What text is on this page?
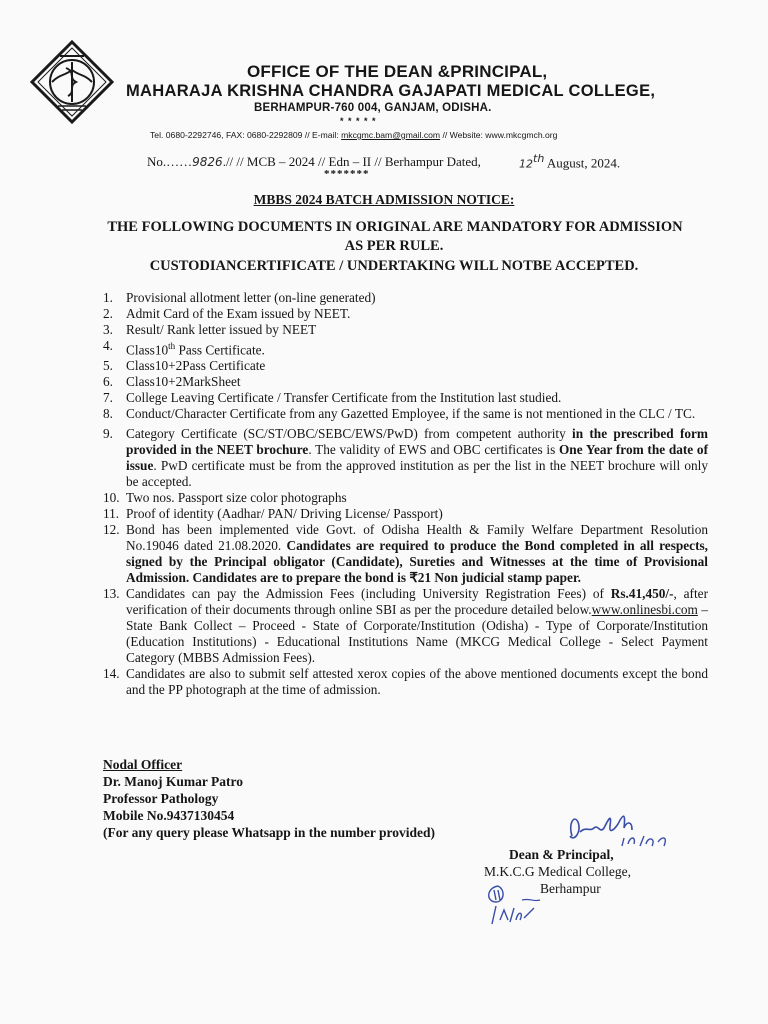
OFFICE OF THE DEAN &PRINCIPAL,
MAHARAJA KRISHNA CHANDRA GAJAPATI MEDICAL COLLEGE,
BERHAMPUR-760 004, GANJAM, ODISHA.
* * * * *
Tel. 0680-2292746, FAX: 0680-2292809 // E-mail: mkcgmc.bam@gmail.com // Website: www.mkcgmch.org
No.……9826.// // MCB – 2024 // Edn – II // Berhampur Dated,	12th August, 2024.
*******
MBBS 2024 BATCH ADMISSION NOTICE:
THE FOLLOWING DOCUMENTS IN ORIGINAL ARE MANDATORY FOR ADMISSION
AS PER RULE.
CUSTODIANCERTIFICATE / UNDERTAKING WILL NOTBE ACCEPTED.
1. Provisional allotment letter (on-line generated)
2. Admit Card of the Exam issued by NEET.
3. Result/ Rank letter issued by NEET
4. Class10th Pass Certificate.
5. Class10+2Pass Certificate
6. Class10+2MarkSheet
7. College Leaving Certificate / Transfer Certificate from the Institution last studied.
8. Conduct/Character Certificate from any Gazetted Employee, if the same is not mentioned in the CLC / TC.
9. Category Certificate (SC/ST/OBC/SEBC/EWS/PwD) from competent authority in the prescribed form provided in the NEET brochure. The validity of EWS and OBC certificates is One Year from the date of issue. PwD certificate must be from the approved institution as per the list in the NEET brochure will only be accepted.
10. Two nos. Passport size color photographs
11. Proof of identity (Aadhar/ PAN/ Driving License/ Passport)
12. Bond has been implemented vide Govt. of Odisha Health & Family Welfare Department Resolution No.19046 dated 21.08.2020. Candidates are required to produce the Bond completed in all respects, signed by the Principal obligator (Candidate), Sureties and Witnesses at the time of Provisional Admission. Candidates are to prepare the bond is ₹21 Non judicial stamp paper.
13. Candidates can pay the Admission Fees (including University Registration Fees) of Rs.41,450/-, after verification of their documents through online SBI as per the procedure detailed below.www.onlinesbi.com – State Bank Collect – Proceed - State of Corporate/Institution (Odisha) - Type of Corporate/Institution (Education Institutions) - Educational Institutions Name (MKCG Medical College - Select Payment Category (MBBS Admission Fees).
14. Candidates are also to submit self attested xerox copies of the above mentioned documents except the bond and the PP photograph at the time of admission.
Nodal Officer
Dr. Manoj Kumar Patro
Professor Pathology
Mobile No.9437130454
(For any query please Whatsapp in the number provided)
Dean & Principal,
M.K.C.G Medical College,
Berhampur
